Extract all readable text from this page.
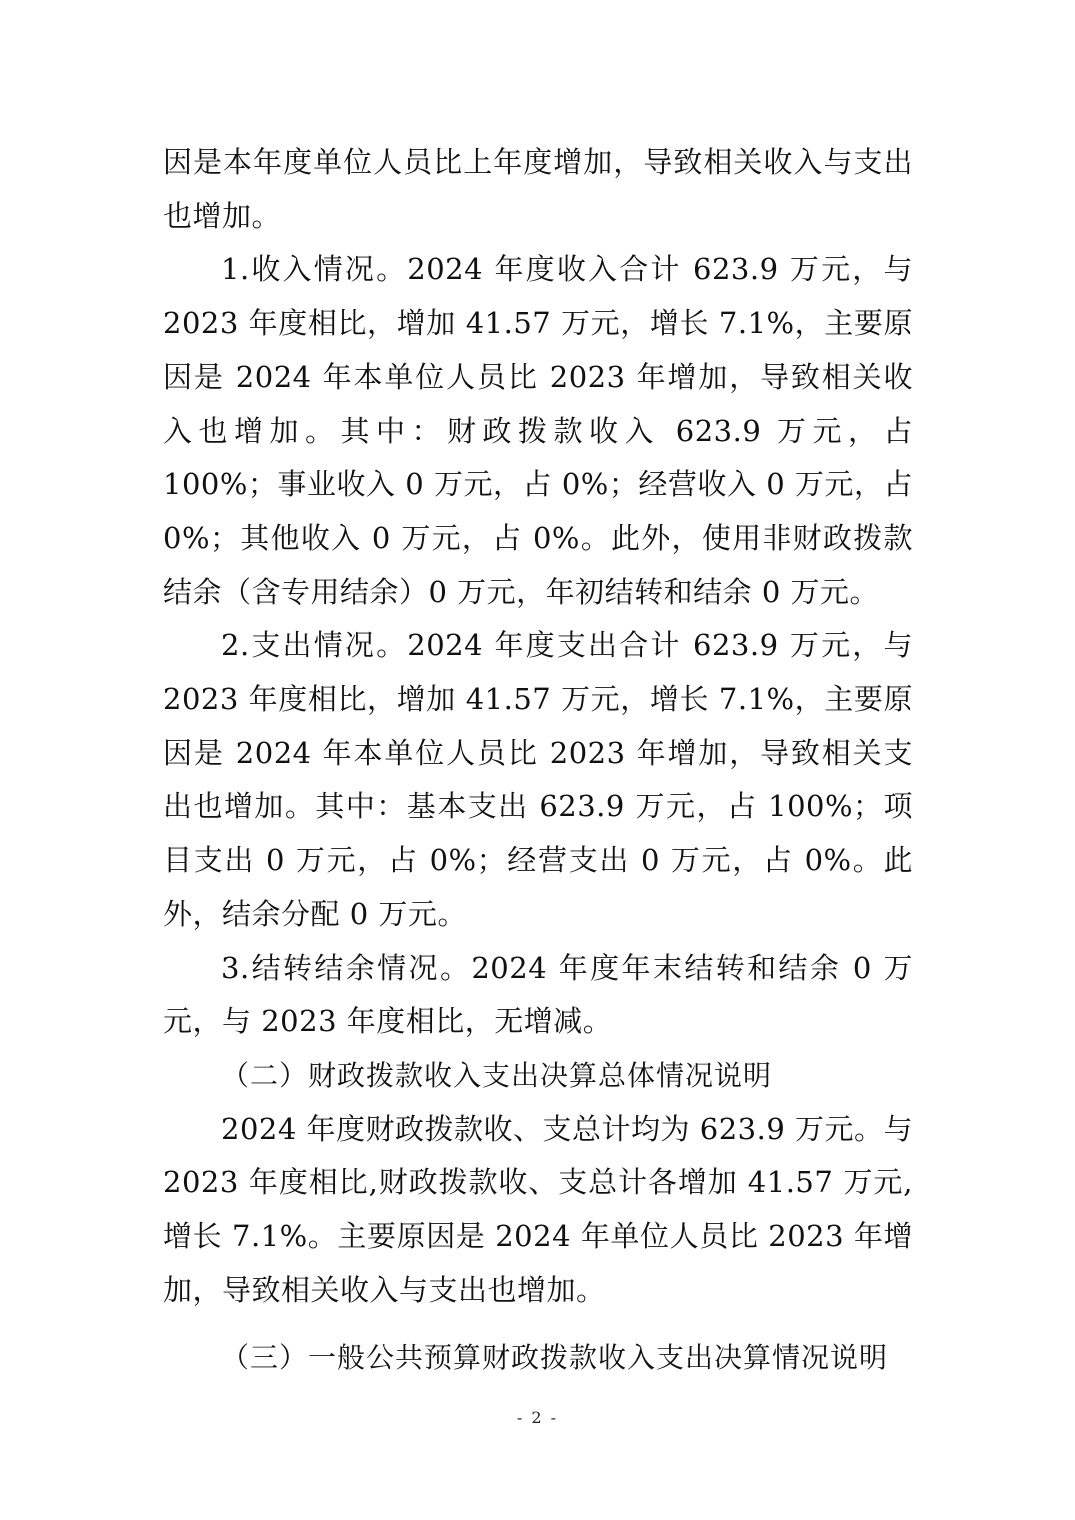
因是本年度单位人员比上年度增加，导致相关收入与支出也增加。

1.收入情况。2024 年度收入合计 623.9 万元，与 2023 年度相比，增加 41.57 万元，增长 7.1%，主要原因是 2024 年本单位人员比 2023 年增加，导致相关收入也增加。其中：财政拨款收入 623.9 万元，占 100%；事业收入 0 万元，占 0%；经营收入 0 万元，占 0%；其他收入 0 万元，占 0%。此外，使用非财政拨款结余（含专用结余）0 万元，年初结转和结余 0 万元。

2.支出情况。2024 年度支出合计 623.9 万元，与 2023 年度相比，增加 41.57 万元，增长 7.1%，主要原因是 2024 年本单位人员比 2023 年增加，导致相关支出也增加。其中：基本支出 623.9 万元，占 100%；项目支出 0 万元，占 0%；经营支出 0 万元，占 0%。此外，结余分配 0 万元。

3.结转结余情况。2024 年度年末结转和结余 0 万元，与 2023 年度相比，无增减。

（二）财政拨款收入支出决算总体情况说明

2024 年度财政拨款收、支总计均为 623.9 万元。与 2023 年度相比,财政拨款收、支总计各增加 41.57 万元,增长 7.1%。主要原因是 2024 年单位人员比 2023 年增加，导致相关收入与支出也增加。

（三）一般公共预算财政拨款收入支出决算情况说明

- 2 -
